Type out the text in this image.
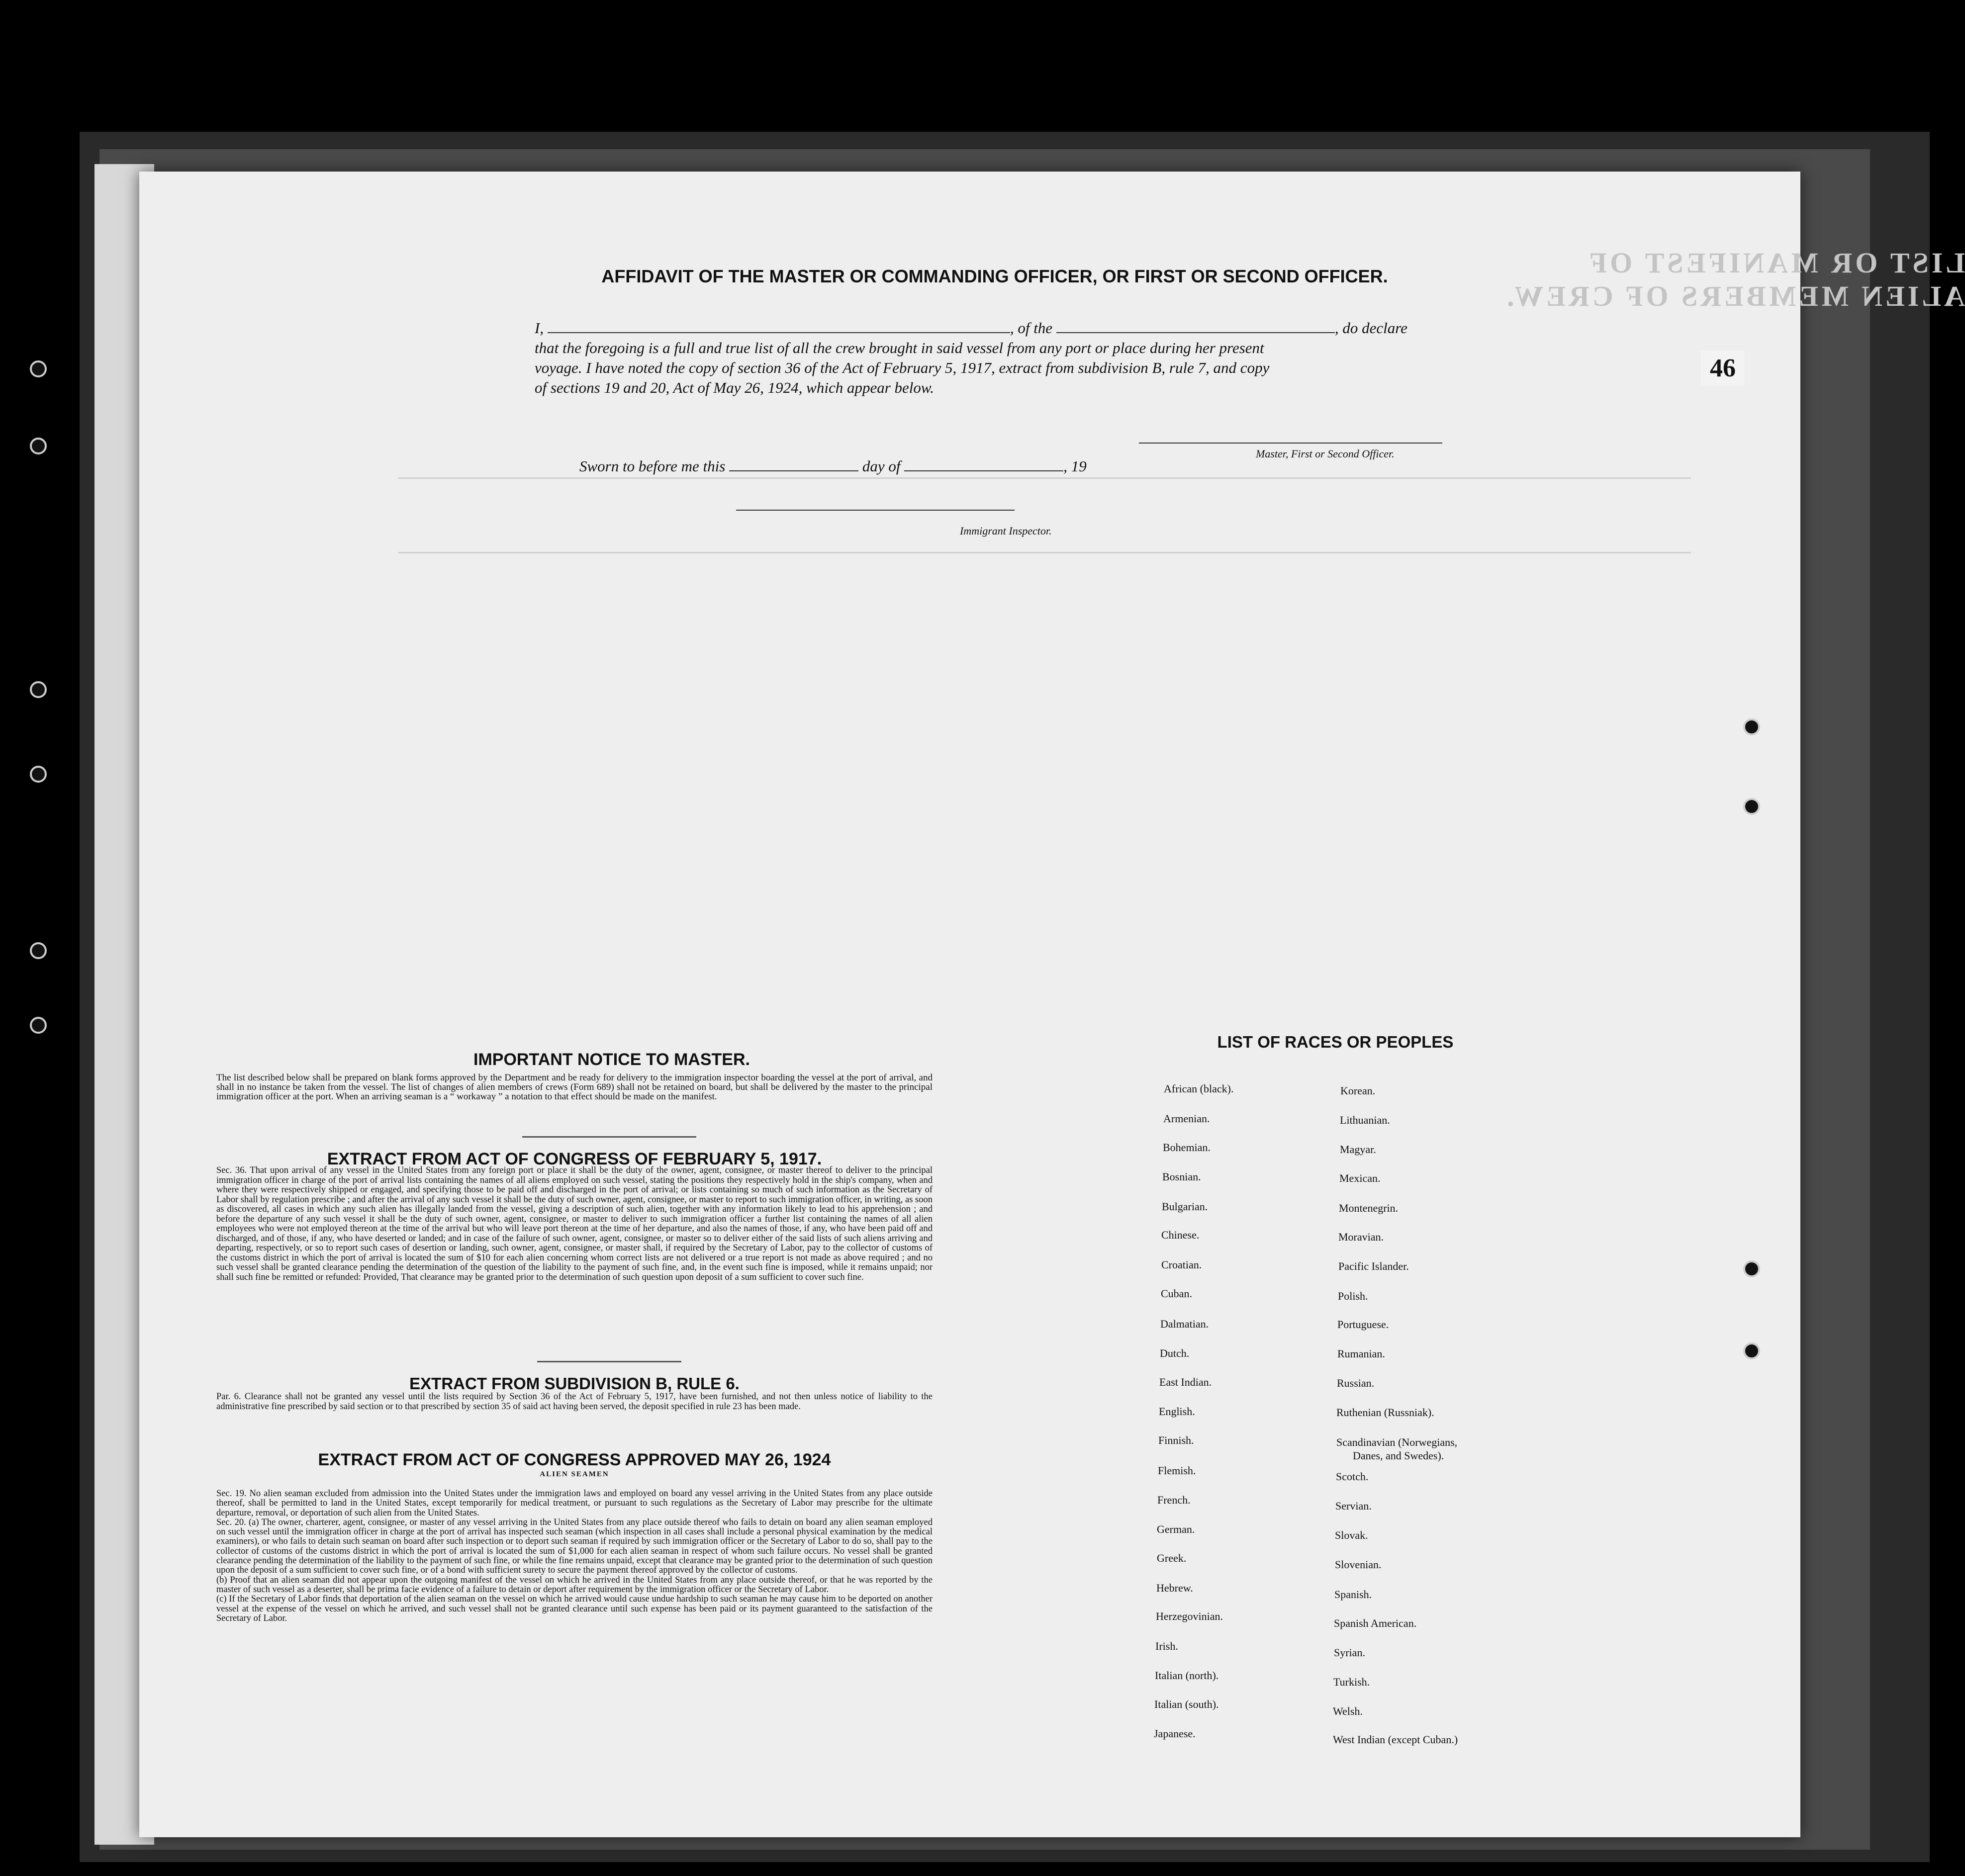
LIST OR MANIFEST OF ALIEN MEMBERS OF CREW.
46
AFFIDAVIT OF THE MASTER OR COMMANDING OFFICER, OR FIRST OR SECOND OFFICER.
I,	, of the	, do declare
that the foregoing is a full and true list of all the crew brought in said vessel from any port or place during her present
voyage. I have noted the copy of section 36 of the Act of February 5, 1917, extract from subdivision B, rule 7, and copy
of sections 19 and 20, Act of May 26, 1924, which appear below.
Master, First or Second Officer.
Sworn to before me this	day of	, 19
Immigrant Inspector.
IMPORTANT NOTICE TO MASTER.
The list described below shall be prepared on blank forms approved by the Department and be ready for delivery to the immigration inspector boarding the vessel at the port of arrival, and shall in no instance be taken from the vessel. The list of changes of alien members of crews (Form 689) shall not be retained on board, but shall be delivered by the master to the principal immigration officer at the port. When an arriving seaman is a “ workaway ” a notation to that effect should be made on the manifest.
EXTRACT FROM ACT OF CONGRESS OF FEBRUARY 5, 1917.
Sec. 36. That upon arrival of any vessel in the United States from any foreign port or place it shall be the duty of the owner, agent, consignee, or master thereof to deliver to the principal immigration officer in charge of the port of arrival lists containing the names of all aliens employed on such vessel, stating the positions they respectively hold in the ship's company, when and where they were respectively shipped or engaged, and specifying those to be paid off and discharged in the port of arrival; or lists containing so much of such information as the Secretary of Labor shall by regulation prescribe ; and after the arrival of any such vessel it shall be the duty of such owner, agent, consignee, or master to report to such immigration officer, in writing, as soon as discovered, all cases in which any such alien has illegally landed from the vessel, giving a description of such alien, together with any information likely to lead to his apprehension ; and before the departure of any such vessel it shall be the duty of such owner, agent, consignee, or master to deliver to such immigration officer a further list containing the names of all alien employees who were not employed thereon at the time of the arrival but who will leave port thereon at the time of her departure, and also the names of those, if any, who have been paid off and discharged, and of those, if any, who have deserted or landed; and in case of the failure of such owner, agent, consignee, or master so to deliver either of the said lists of such aliens arriving and departing, respectively, or so to report such cases of desertion or landing, such owner, agent, consignee, or master shall, if required by the Secretary of Labor, pay to the collector of customs of the customs district in which the port of arrival is located the sum of $10 for each alien concerning whom correct lists are not delivered or a true report is not made as above required ; and no such vessel shall be granted clearance pending the determination of the question of the liability to the payment of such fine, and, in the event such fine is imposed, while it remains unpaid; nor shall such fine be remitted or refunded: Provided, That clearance may be granted prior to the determination of such question upon deposit of a sum sufficient to cover such fine.
EXTRACT FROM SUBDIVISION B, RULE 6.
Par. 6. Clearance shall not be granted any vessel until the lists required by Section 36 of the Act of February 5, 1917, have been furnished, and not then unless notice of liability to the administrative fine prescribed by said section or to that prescribed by section 35 of said act having been served, the deposit specified in rule 23 has been made.
EXTRACT FROM ACT OF CONGRESS APPROVED MAY 26, 1924
ALIEN SEAMEN
Sec. 19. No alien seaman excluded from admission into the United States under the immigration laws and employed on board any vessel arriving in the United States from any place outside thereof, shall be permitted to land in the United States, except temporarily for medical treatment, or pursuant to such regulations as the Secretary of Labor may prescribe for the ultimate departure, removal, or deportation of such alien from the United States.
Sec. 20. (a) The owner, charterer, agent, consignee, or master of any vessel arriving in the United States from any place outside thereof who fails to detain on board any alien seaman employed on such vessel until the immigration officer in charge at the port of arrival has inspected such seaman (which inspection in all cases shall include a personal physical examination by the medical examiners), or who fails to detain such seaman on board after such inspection or to deport such seaman if required by such immigration officer or the Secretary of Labor to do so, shall pay to the collector of customs of the customs district in which the port of arrival is located the sum of $1,000 for each alien seaman in respect of whom such failure occurs. No vessel shall be granted clearance pending the determination of the liability to the payment of such fine, or while the fine remains unpaid, except that clearance may be granted prior to the determination of such question upon the deposit of a sum sufficient to cover such fine, or of a bond with sufficient surety to secure the payment thereof approved by the collector of customs.
(b) Proof that an alien seaman did not appear upon the outgoing manifest of the vessel on which he arrived in the United States from any place outside thereof, or that he was reported by the master of such vessel as a deserter, shall be prima facie evidence of a failure to detain or deport after requirement by the immigration officer or the Secretary of Labor.
(c) If the Secretary of Labor finds that deportation of the alien seaman on the vessel on which he arrived would cause undue hardship to such seaman he may cause him to be deported on another vessel at the expense of the vessel on which he arrived, and such vessel shall not be granted clearance until such expense has been paid or its payment guaranteed to the satisfaction of the Secretary of Labor.
LIST OF RACES OR PEOPLES
African (black).
Armenian.
Bohemian.
Bosnian.
Bulgarian.
Chinese.
Croatian.
Cuban.
Dalmatian.
Dutch.
East Indian.
English.
Finnish.
Flemish.
French.
German.
Greek.
Hebrew.
Herzegovinian.
Irish.
Italian (north).
Italian (south).
Japanese.
Korean.
Lithuanian.
Magyar.
Mexican.
Montenegrin.
Moravian.
Pacific Islander.
Polish.
Portuguese.
Rumanian.
Russian.
Ruthenian (Russniak).
Scandinavian (Norwegians,
Danes, and Swedes).
Scotch.
Servian.
Slovak.
Slovenian.
Spanish.
Spanish American.
Syrian.
Turkish.
Welsh.
West Indian (except Cuban.)
